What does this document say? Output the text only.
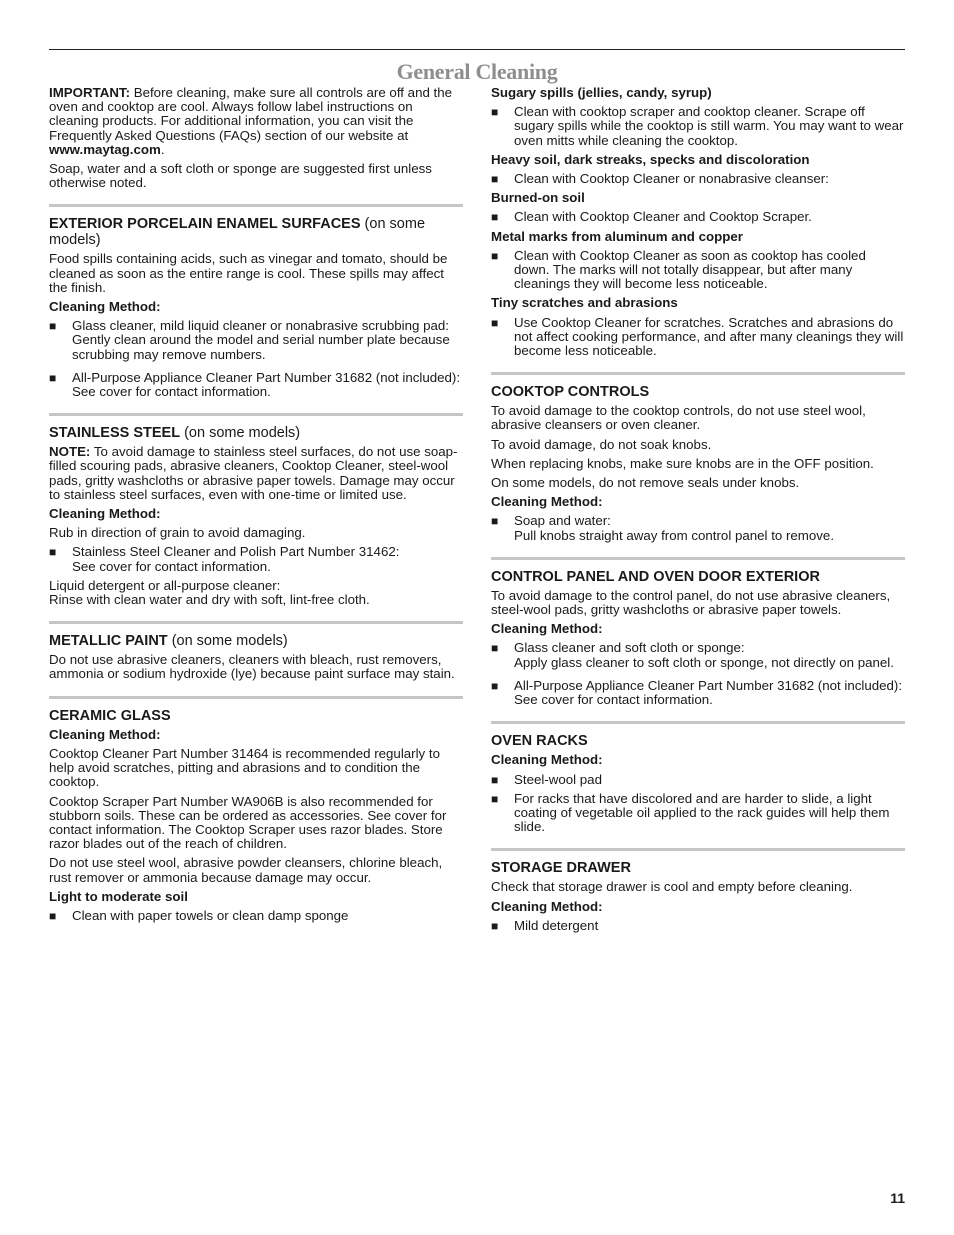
General Cleaning

IMPORTANT: Before cleaning, make sure all controls are off and the oven and cooktop are cool. Always follow label instructions on cleaning products. For additional information, you can visit the Frequently Asked Questions (FAQs) section of our website at www.maytag.com.

Soap, water and a soft cloth or sponge are suggested first unless otherwise noted.

EXTERIOR PORCELAIN ENAMEL SURFACES (on some models)

Food spills containing acids, such as vinegar and tomato, should be cleaned as soon as the entire range is cool. These spills may affect the finish.

Cleaning Method:

■ Glass cleaner, mild liquid cleaner or nonabrasive scrubbing pad:
Gently clean around the model and serial number plate because scrubbing may remove numbers.
■ All-Purpose Appliance Cleaner Part Number 31682 (not included):
See cover for contact information.

STAINLESS STEEL (on some models)

NOTE: To avoid damage to stainless steel surfaces, do not use soap-filled scouring pads, abrasive cleaners, Cooktop Cleaner, steel-wool pads, gritty washcloths or abrasive paper towels. Damage may occur to stainless steel surfaces, even with one-time or limited use.

Cleaning Method:

Rub in direction of grain to avoid damaging.

■ Stainless Steel Cleaner and Polish Part Number 31462:
See cover for contact information.

Liquid detergent or all-purpose cleaner:
Rinse with clean water and dry with soft, lint-free cloth.

METALLIC PAINT (on some models)

Do not use abrasive cleaners, cleaners with bleach, rust removers, ammonia or sodium hydroxide (lye) because paint surface may stain.

CERAMIC GLASS

Cleaning Method:

Cooktop Cleaner Part Number 31464 is recommended regularly to help avoid scratches, pitting and abrasions and to condition the cooktop.

Cooktop Scraper Part Number WA906B is also recommended for stubborn soils. These can be ordered as accessories. See cover for contact information. The Cooktop Scraper uses razor blades. Store razor blades out of the reach of children.

Do not use steel wool, abrasive powder cleansers, chlorine bleach, rust remover or ammonia because damage may occur.

Light to moderate soil

■ Clean with paper towels or clean damp sponge

Sugary spills (jellies, candy, syrup)

■ Clean with cooktop scraper and cooktop cleaner. Scrape off sugary spills while the cooktop is still warm. You may want to wear oven mitts while cleaning the cooktop.

Heavy soil, dark streaks, specks and discoloration

■ Clean with Cooktop Cleaner or nonabrasive cleanser:

Burned-on soil

■ Clean with Cooktop Cleaner and Cooktop Scraper.

Metal marks from aluminum and copper

■ Clean with Cooktop Cleaner as soon as cooktop has cooled down. The marks will not totally disappear, but after many cleanings they will become less noticeable.

Tiny scratches and abrasions

■ Use Cooktop Cleaner for scratches. Scratches and abrasions do not affect cooking performance, and after many cleanings they will become less noticeable.

COOKTOP CONTROLS

To avoid damage to the cooktop controls, do not use steel wool, abrasive cleansers or oven cleaner.

To avoid damage, do not soak knobs.

When replacing knobs, make sure knobs are in the OFF position.

On some models, do not remove seals under knobs.

Cleaning Method:

■ Soap and water:
Pull knobs straight away from control panel to remove.

CONTROL PANEL AND OVEN DOOR EXTERIOR

To avoid damage to the control panel, do not use abrasive cleaners, steel-wool pads, gritty washcloths or abrasive paper towels.

Cleaning Method:

■ Glass cleaner and soft cloth or sponge:
Apply glass cleaner to soft cloth or sponge, not directly on panel.
■ All-Purpose Appliance Cleaner Part Number 31682 (not included):
See cover for contact information.

OVEN RACKS

Cleaning Method:

■ Steel-wool pad
■ For racks that have discolored and are harder to slide, a light coating of vegetable oil applied to the rack guides will help them slide.

STORAGE DRAWER

Check that storage drawer is cool and empty before cleaning.

Cleaning Method:

■ Mild detergent
11
